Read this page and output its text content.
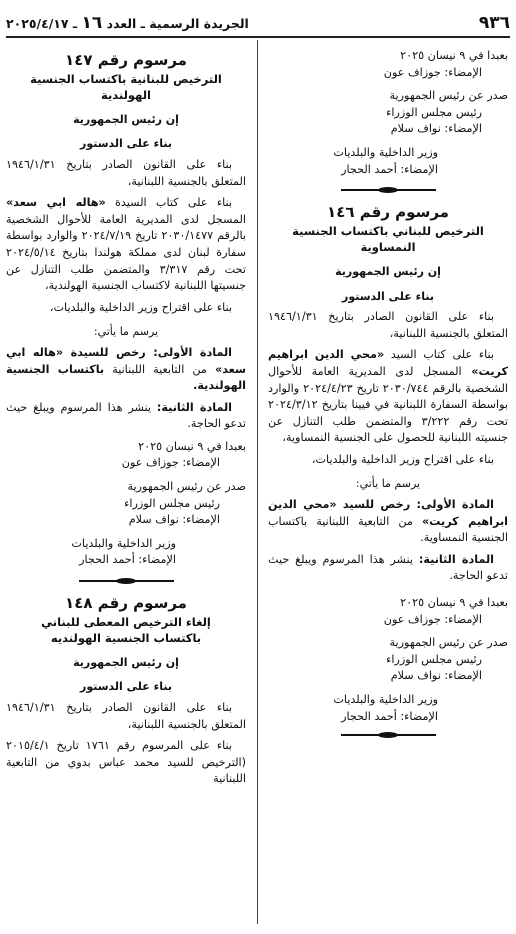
٩٣٦
الجريدة الرسمية ـ العدد ١٦ ـ ٢٠٢٥/٤/١٧
بعبدا في ٩ نيسان ٢٠٢٥
الإمضاء: جوزاف عون
صدر عن رئيس الجمهورية
رئيس مجلس الوزراء
الإمضاء: نواف سلام
وزير الداخلية والبلديات
الإمضاء: أحمد الحجار
مرسوم رقم ١٤٦
الترخيص للبناني باكتساب الجنسية النمساوية
إن رئيس الجمهورية
بناء على الدستور

بناء على القانون الصادر بتاريخ ١٩٤٦/١/٣١ المتعلق بالجنسية اللبنانية،

بناء على كتاب السيد «محي الدين ابراهيم كريت» المسجل لدى المديرية العامة للأحوال الشخصية بالرقم ٢٠٣٠/٧٤٤ تاريخ ٢٠٢٤/٤/٢٣ والوارد بواسطة السفارة اللبنانية في فيينا بتاريخ ٢٠٢٤/٣/١٢ تحت رقم ٣/٢٢٢ والمتضمن طلب التنازل عن جنسيته اللبنانية للحصول على الجنسية النمساوية،

بناء على اقتراح وزير الداخلية والبلديات،

يرسم ما يأتي:

المادة الأولى: رخص للسيد «محي الدين ابراهيم كريت» من التابعية اللبنانية باكتساب الجنسية النمساوية.

المادة الثانية: ينشر هذا المرسوم ويبلغ حيث تدعو الحاجة.

بعبدا في ٩ نيسان ٢٠٢٥
الإمضاء: جوزاف عون
صدر عن رئيس الجمهورية
رئيس مجلس الوزراء
الإمضاء: نواف سلام
وزير الداخلية والبلديات
الإمضاء: أحمد الحجار
مرسوم رقم ١٤٧
الترخيص للبنانية باكتساب الجنسية الهولندية
إن رئيس الجمهورية
بناء على الدستور

بناء على القانون الصادر بتاريخ ١٩٤٦/١/٣١ المتعلق بالجنسية اللبنانية،

بناء على كتاب السيدة «هاله ابي سعد» المسجل لدى المديرية العامة للأحوال الشخصية بالرقم ٢٠٣٠/١٤٧٧ تاريخ ٢٠٢٤/٧/١٩ والوارد بواسطة سفارة لبنان لدى مملكة هولندا بتاريخ ٢٠٢٤/٥/١٤ تحت رقم ٣/٣١٧ والمتضمن طلب التنازل عن جنسيتها اللبنانية لاكتساب الجنسية الهولندية،

بناء على اقتراح وزير الداخلية والبلديات،

يرسم ما يأتي:

المادة الأولى: رخص للسيدة «هاله ابي سعد» من التابعية اللبنانية باكتساب الجنسية الهولندية.

المادة الثانية: ينشر هذا المرسوم ويبلغ حيث تدعو الحاجة.

بعبدا في ٩ نيسان ٢٠٢٥
الإمضاء: جوزاف عون
صدر عن رئيس الجمهورية
رئيس مجلس الوزراء
الإمضاء: نواف سلام
وزير الداخلية والبلديات
الإمضاء: أحمد الحجار
مرسوم رقم ١٤٨
إلغاء الترخيص المعطى للبناني
باكتساب الجنسية الهولنديه
إن رئيس الجمهورية
بناء على الدستور

بناء على القانون الصادر بتاريخ ١٩٤٦/١/٣١ المتعلق بالجنسية اللبنانية،

بناء على المرسوم رقم ١٧٦١ تاريخ ٢٠١٥/٤/١ (الترخيص للسيد محمد عباس بدوي من التابعية اللبنانية
